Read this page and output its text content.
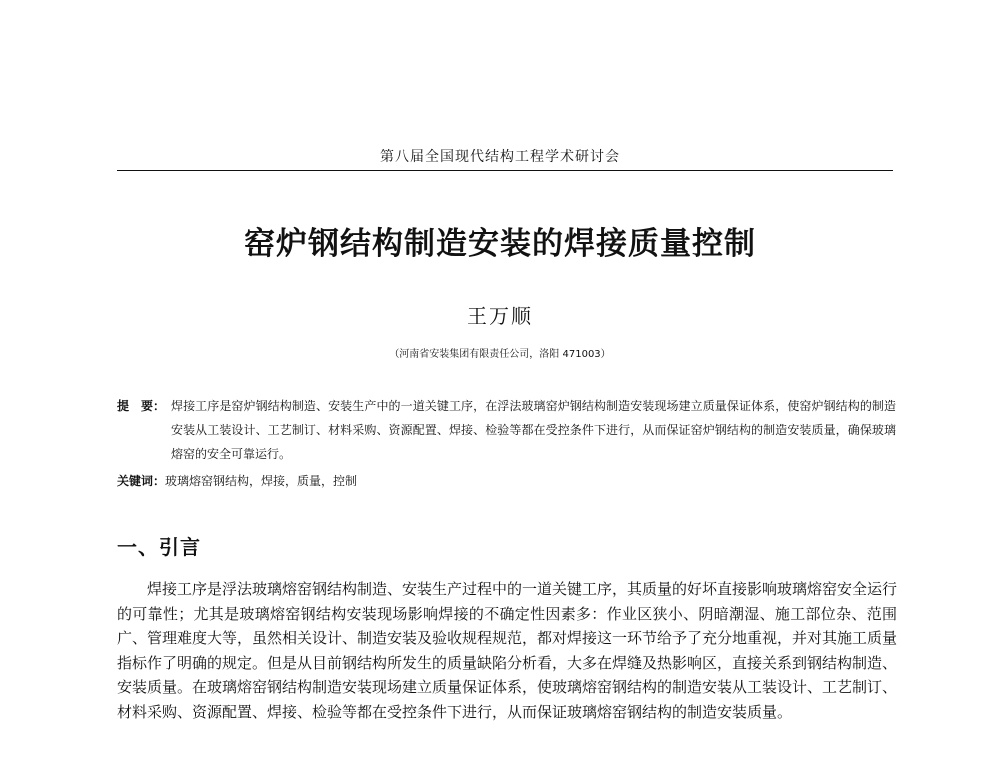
第八届全国现代结构工程学术研讨会
窑炉钢结构制造安装的焊接质量控制
王万顺
（河南省安装集团有限责任公司，洛阳 471003）
提　要： 焊接工序是窑炉钢结构制造、安装生产中的一道关键工序，在浮法玻璃窑炉钢结构制造安装现场建立质量保证体系，使窑炉钢结构的制造安装从工装设计、工艺制订、材料采购、资源配置、焊接、检验等都在受控条件下进行，从而保证窑炉钢结构的制造安装质量，确保玻璃熔窑的安全可靠运行。
关键词：玻璃熔窑钢结构，焊接，质量，控制
一、引言
焊接工序是浮法玻璃熔窑钢结构制造、安装生产过程中的一道关键工序，其质量的好坏直接影响玻璃熔窑安全运行的可靠性；尤其是玻璃熔窑钢结构安装现场影响焊接的不确定性因素多：作业区狭小、阴暗潮湿、施工部位杂、范围广、管理难度大等，虽然相关设计、制造安装及验收规程规范，都对焊接这一环节给予了充分地重视，并对其施工质量指标作了明确的规定。但是从目前钢结构所发生的质量缺陷分析看，大多在焊缝及热影响区，直接关系到钢结构制造、安装质量。在玻璃熔窑钢结构制造安装现场建立质量保证体系，使玻璃熔窑钢结构的制造安装从工装设计、工艺制订、材料采购、资源配置、焊接、检验等都在受控条件下进行，从而保证玻璃熔窑钢结构的制造安装质量。
